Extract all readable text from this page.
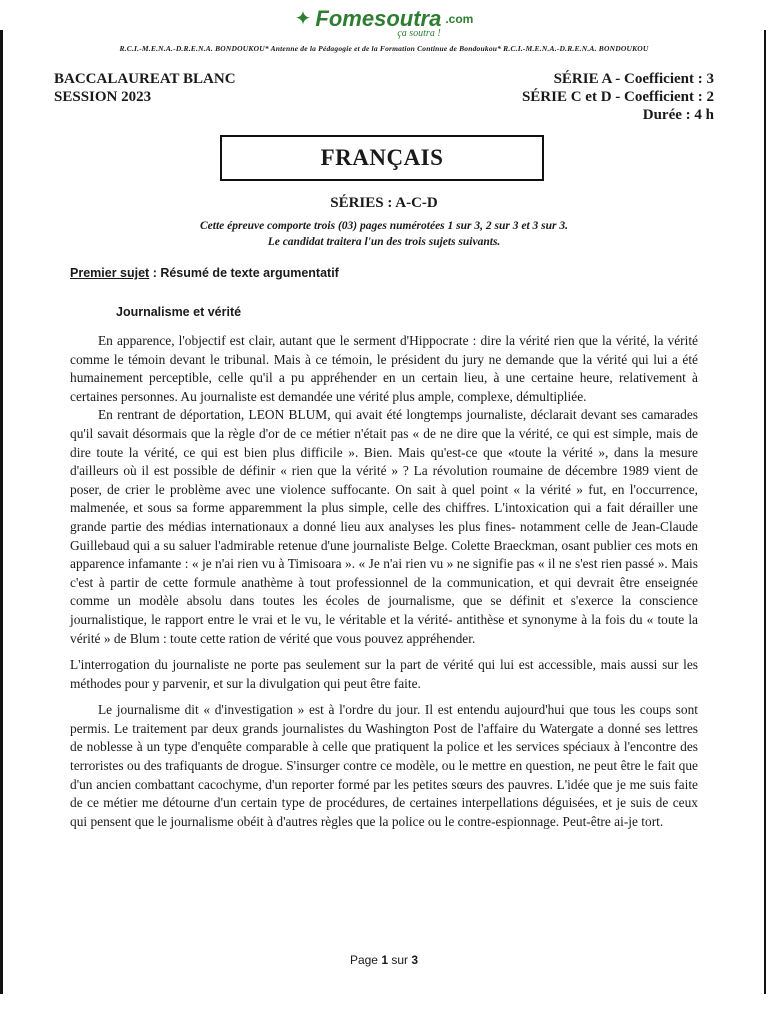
✦ Fomesoutra .com
ça soutra !
R.C.I.-M.E.N.A.-D.R.E.N.A. BONDOUKOU* Antenne de la Pédagogie et de la Formation Continue de Bondoukou* R.C.I.-M.E.N.A.-D.R.E.N.A. BONDOUKOU
BACCALAUREAT BLANC
SESSION 2023
SÉRIE A - Coefficient : 3
SÉRIE C et D - Coefficient : 2
Durée : 4 h
FRANÇAIS
SÉRIES : A-C-D
Cette épreuve comporte trois (03) pages numérotées 1 sur 3, 2 sur 3 et 3 sur 3.
Le candidat traitera l'un des trois sujets suivants.
Premier sujet : Résumé de texte argumentatif
Journalisme et vérité

En apparence, l'objectif est clair, autant que le serment d'Hippocrate : dire la vérité rien que la vérité, la vérité comme le témoin devant le tribunal. Mais à ce témoin, le président du jury ne demande que la vérité qui lui a été humainement perceptible, celle qu'il a pu appréhender en un certain lieu, à une certaine heure, relativement à certaines personnes. Au journaliste est demandée une vérité plus ample, complexe, démultipliée.

En rentrant de déportation, LEON BLUM, qui avait été longtemps journaliste, déclarait devant ses camarades qu'il savait désormais que la règle d'or de ce métier n'était pas « de ne dire que la vérité, ce qui est simple, mais de dire toute la vérité, ce qui est bien plus difficile ». Bien. Mais qu'est-ce que «toute la vérité », dans la mesure d'ailleurs où il est possible de définir « rien que la vérité » ? La révolution roumaine de décembre 1989 vient de poser, de crier le problème avec une violence suffocante. On sait à quel point « la vérité » fut, en l'occurrence, malmenée, et sous sa forme apparemment la plus simple, celle des chiffres. L'intoxication qui a fait dérailler une grande partie des médias internationaux a donné lieu aux analyses les plus fines- notamment celle de Jean-Claude Guillebaud qui a su saluer l'admirable retenue d'une journaliste Belge. Colette Braeckman, osant publier ces mots en apparence infamante : « je n'ai rien vu à Timisoara ». « Je n'ai rien vu » ne signifie pas « il ne s'est rien passé ». Mais c'est à partir de cette formule anathème à tout professionnel de la communication, et qui devrait être enseignée comme un modèle absolu dans toutes les écoles de journalisme, que se définit et s'exerce la conscience journalistique, le rapport entre le vrai et le vu, le véritable et la vérité- antithèse et synonyme à la fois du « toute la vérité » de Blum : toute cette ration de vérité que vous pouvez appréhender.

L'interrogation du journaliste ne porte pas seulement sur la part de vérité qui lui est accessible, mais aussi sur les méthodes pour y parvenir, et sur la divulgation qui peut être faite.

Le journalisme dit « d'investigation » est à l'ordre du jour. Il est entendu aujourd'hui que tous les coups sont permis. Le traitement par deux grands journalistes du Washington Post de l'affaire du Watergate a donné ses lettres de noblesse à un type d'enquête comparable à celle que pratiquent la police et les services spéciaux à l'encontre des terroristes ou des trafiquants de drogue. S'insurger contre ce modèle, ou le mettre en question, ne peut être le fait que d'un ancien combattant cacochyme, d'un reporter formé par les petites sœurs des pauvres. L'idée que je me suis faite de ce métier me détourne d'un certain type de procédures, de certaines interpellations déguisées, et je suis de ceux qui pensent que le journalisme obéit à d'autres règles que la police ou le contre-espionnage. Peut-être ai-je tort.

Page 1 sur 3
